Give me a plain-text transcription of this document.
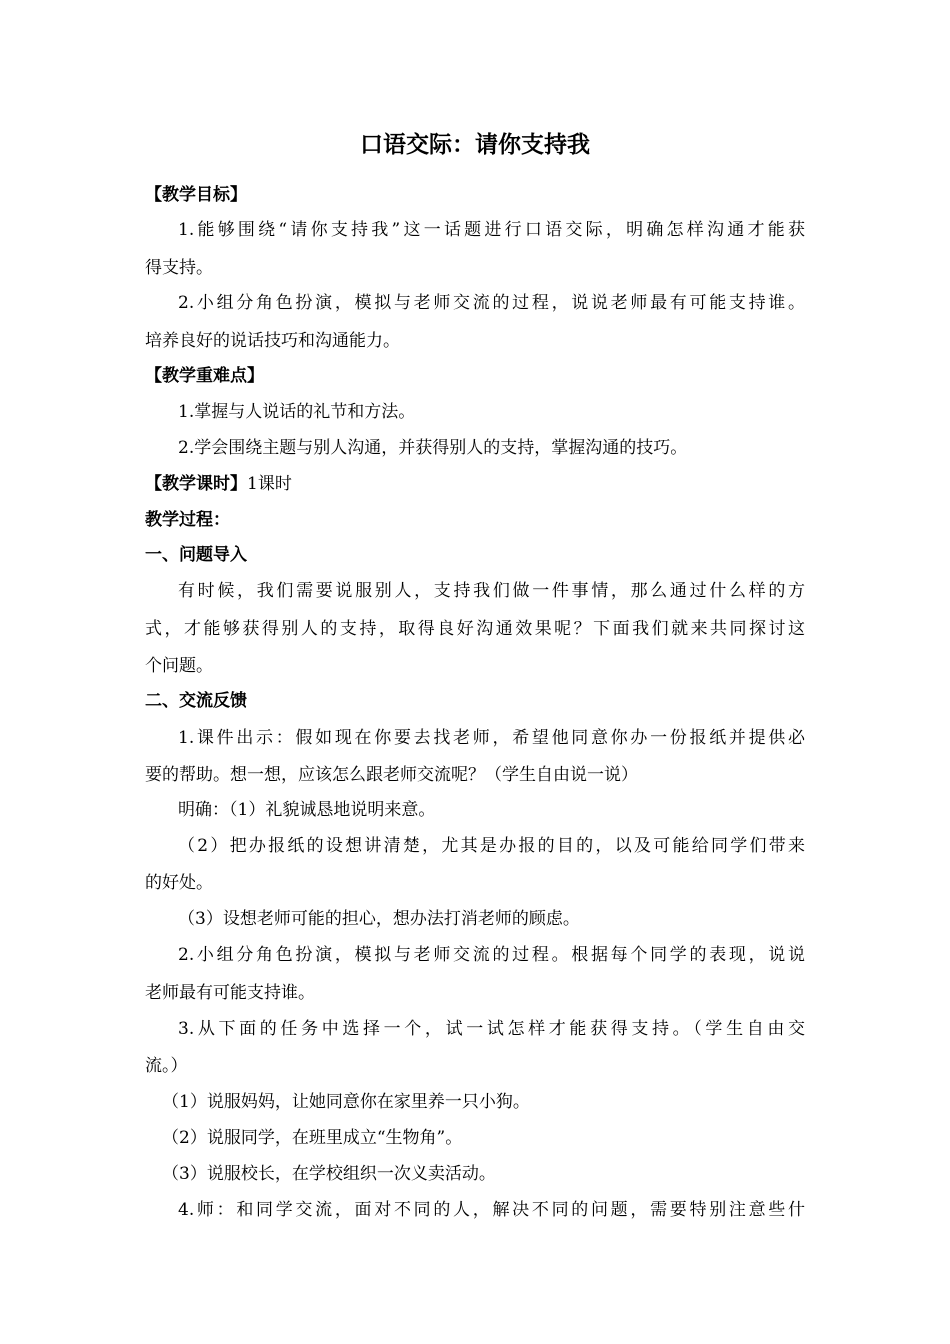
口语交际：请你支持我
【教学目标】
1.能够围绕“请你支持我”这一话题进行口语交际，明确怎样沟通才能获
得支持。
2.小组分角色扮演，模拟与老师交流的过程，说说老师最有可能支持谁。
培养良好的说话技巧和沟通能力。
【教学重难点】
1.掌握与人说话的礼节和方法。
2.学会围绕主题与别人沟通，并获得别人的支持，掌握沟通的技巧。
【教学课时】1课时
教学过程：
一、问题导入
有时候，我们需要说服别人，支持我们做一件事情，那么通过什么样的方
式，才能够获得别人的支持，取得良好沟通效果呢？下面我们就来共同探讨这
个问题。
二、交流反馈
1.课件出示：假如现在你要去找老师，希望他同意你办一份报纸并提供必
要的帮助。想一想，应该怎么跟老师交流呢？（学生自由说一说）
明确：（1）礼貌诚恳地说明来意。
（2）把办报纸的设想讲清楚，尤其是办报的目的，以及可能给同学们带来
的好处。
（3）设想老师可能的担心，想办法打消老师的顾虑。
2.小组分角色扮演，模拟与老师交流的过程。根据每个同学的表现，说说
老师最有可能支持谁。
3.从下面的任务中选择一个，试一试怎样才能获得支持。（学生自由交
流。）
（1）说服妈妈，让她同意你在家里养一只小狗。
（2）说服同学，在班里成立“生物角”。
（3）说服校长，在学校组织一次义卖活动。
4.师：和同学交流，面对不同的人，解决不同的问题，需要特别注意些什
